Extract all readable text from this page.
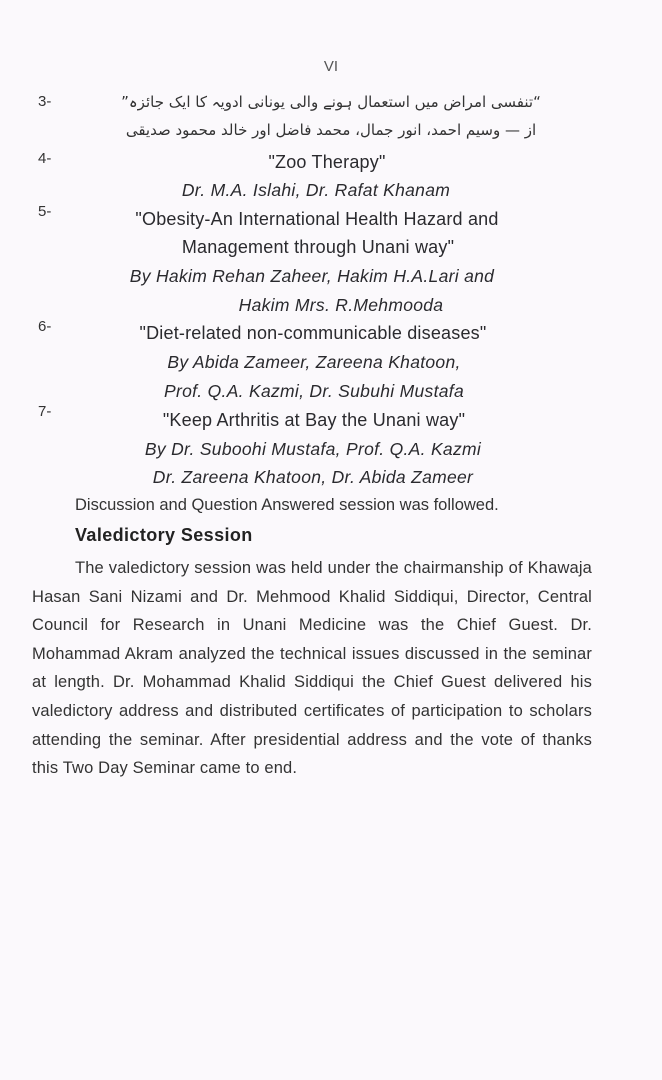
VI
3-	“تنفسی امراض میں استعمال ہونے والی یونانی ادویہ کا ایک جائزہ”
از — وسیم احمد، انور جمال، محمد فاضل اور خالد محمود صدیقی
4-	"Zoo Therapy"
Dr. M.A. Islahi, Dr. Rafat Khanam
5-	"Obesity-An International Health Hazard and
Management through Unani way"
By Hakim Rehan Zaheer, Hakim H.A.Lari and
Hakim Mrs. R.Mehmooda
6-	"Diet-related non-communicable diseases"
By Abida Zameer, Zareena Khatoon,
Prof. Q.A. Kazmi, Dr. Subuhi Mustafa
7-	"Keep Arthritis at Bay the Unani way"
By Dr. Suboohi Mustafa, Prof. Q.A. Kazmi
Dr. Zareena Khatoon, Dr. Abida Zameer
Discussion and Question Answered session was followed.
Valedictory Session

The valedictory session was held under the chairmanship of Khawaja Hasan Sani Nizami and Dr. Mehmood Khalid Siddiqui, Director, Central Council for Research in Unani Medicine was the Chief Guest. Dr. Mohammad Akram analyzed the technical issues discussed in the seminar at length. Dr. Mohammad Khalid Siddiqui the Chief Guest delivered his valedictory address and distributed certificates of participation to scholars attending the seminar. After presidential address and the vote of thanks this Two Day Seminar came to end.
